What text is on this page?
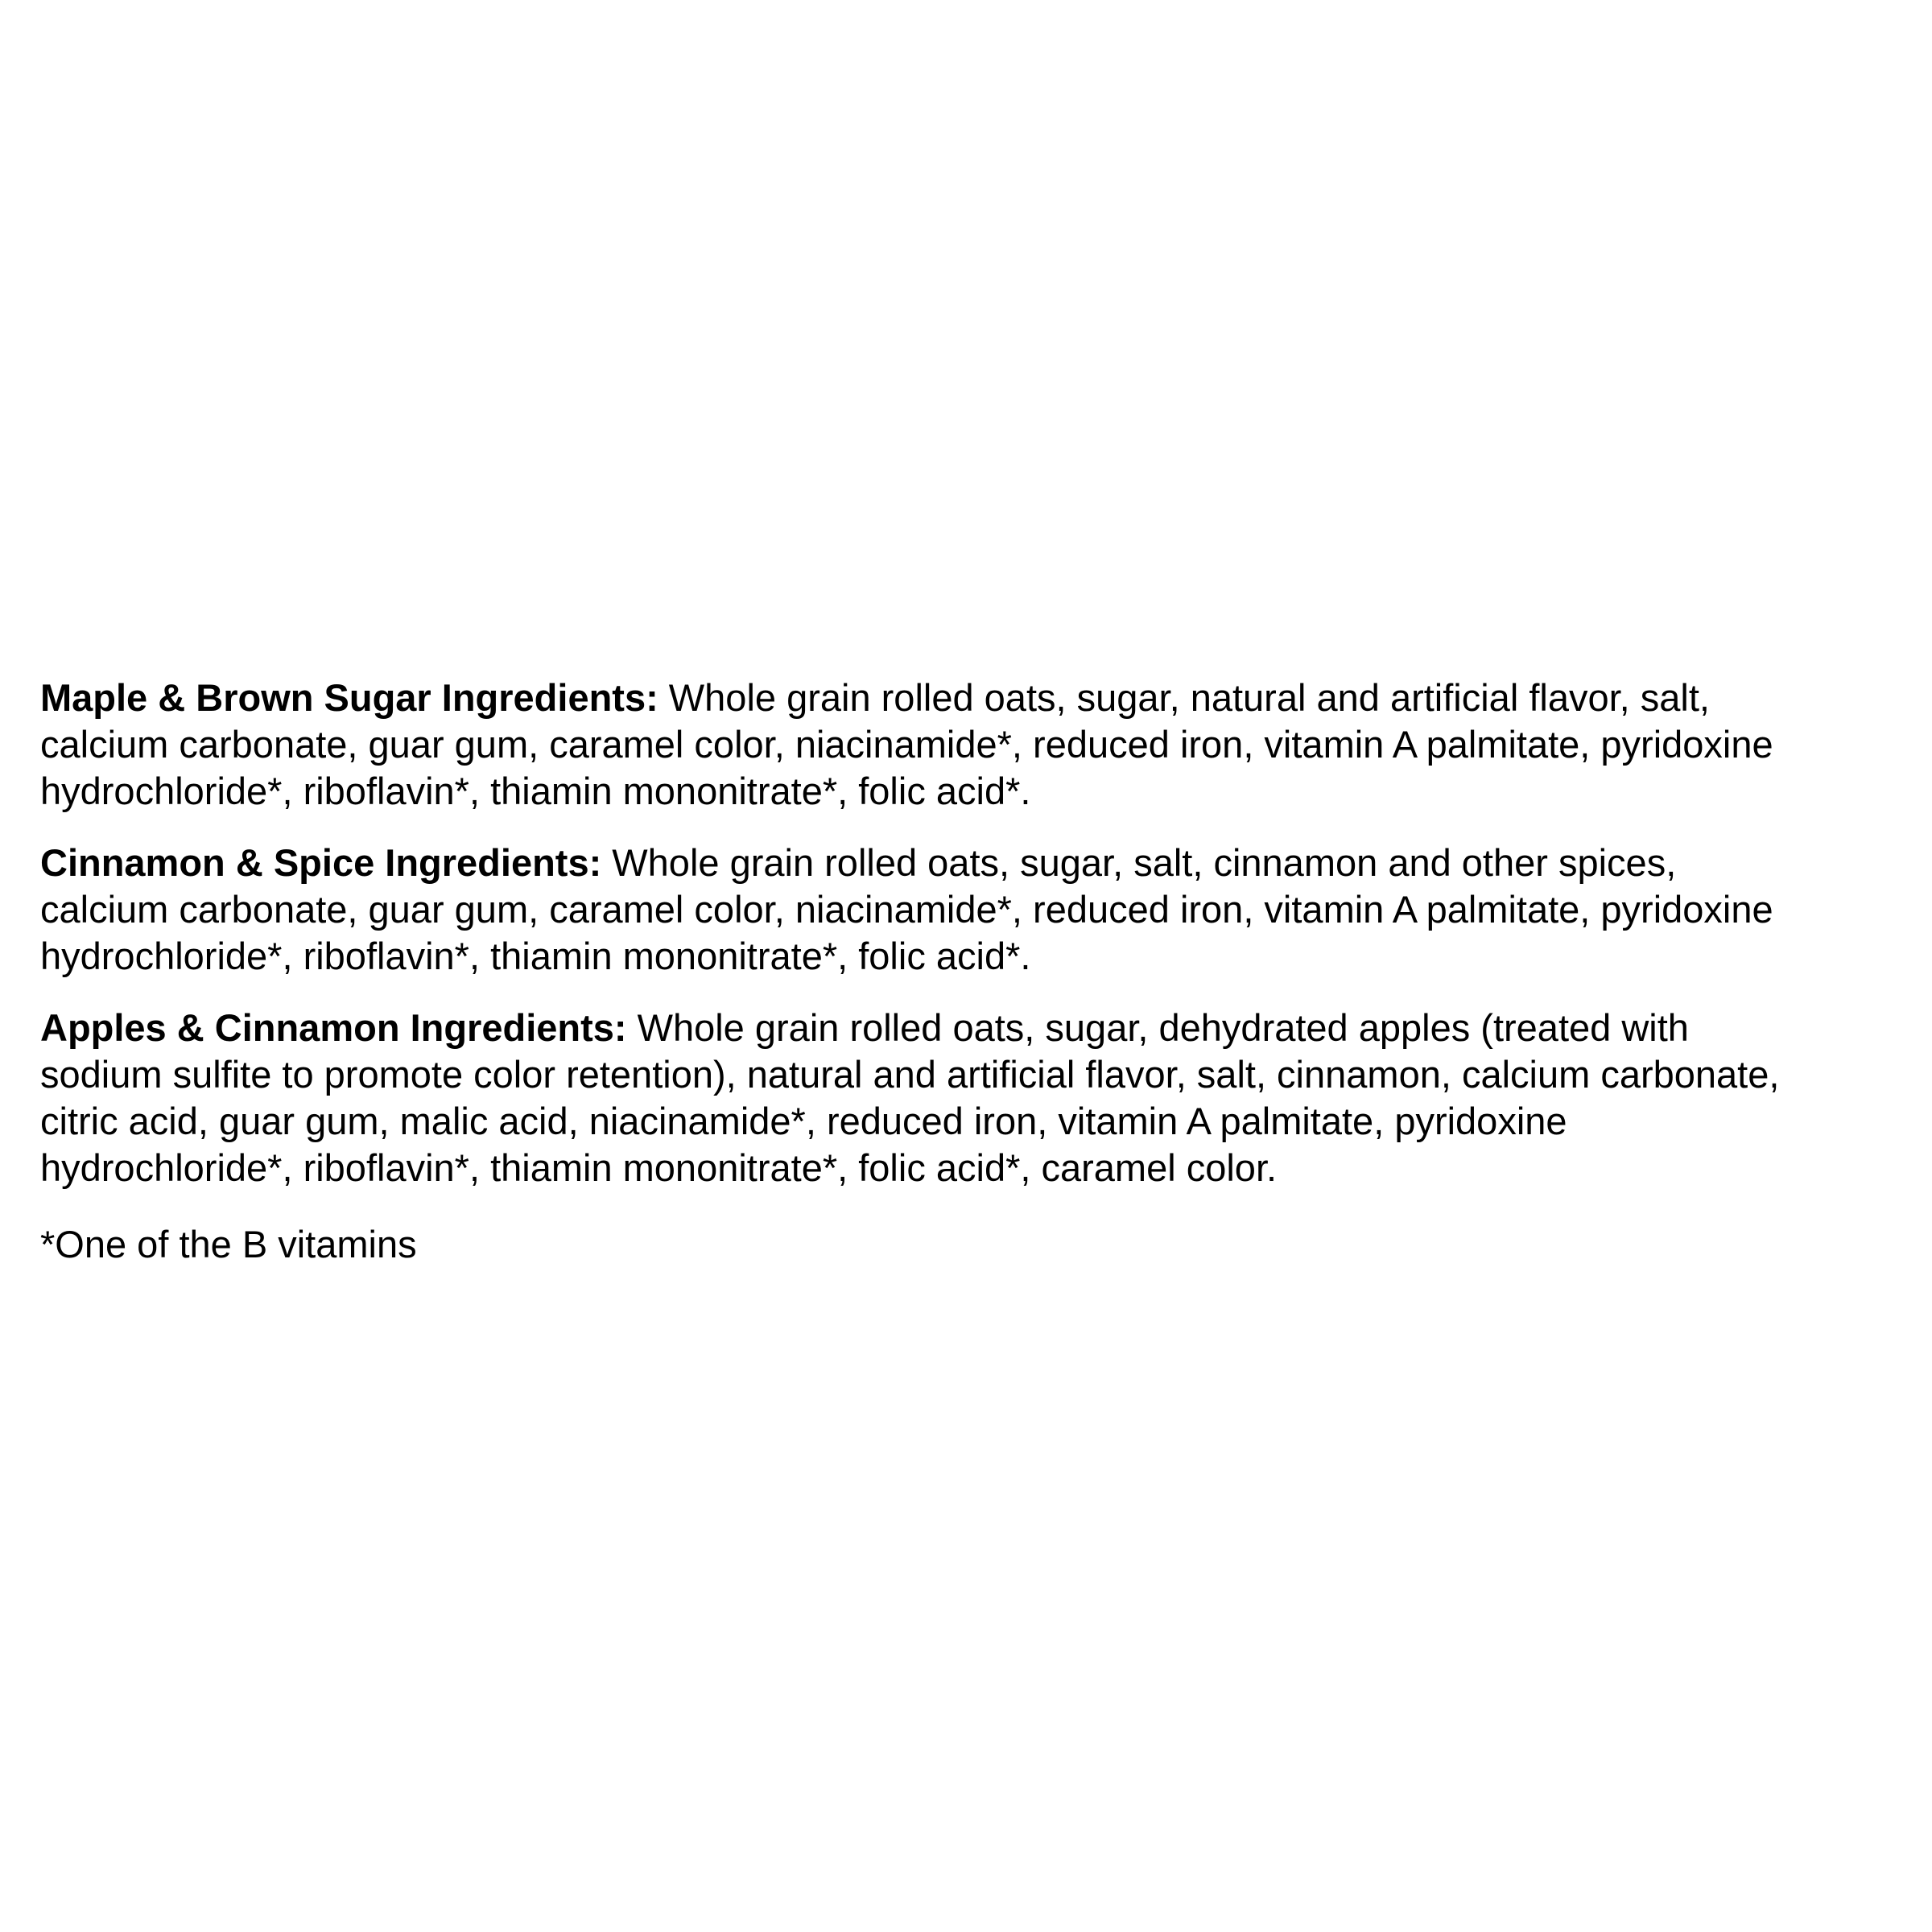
Maple & Brown Sugar Ingredients: Whole grain rolled oats, sugar, natural and artificial flavor, salt,
calcium carbonate, guar gum, caramel color, niacinamide*, reduced iron, vitamin A palmitate, pyridoxine
hydrochloride*, riboflavin*, thiamin mononitrate*, folic acid*.

Cinnamon & Spice Ingredients: Whole grain rolled oats, sugar, salt, cinnamon and other spices,
calcium carbonate, guar gum, caramel color, niacinamide*, reduced iron, vitamin A palmitate, pyridoxine
hydrochloride*, riboflavin*, thiamin mononitrate*, folic acid*.

Apples & Cinnamon Ingredients: Whole grain rolled oats, sugar, dehydrated apples (treated with
sodium sulfite to promote color retention), natural and artificial flavor, salt, cinnamon, calcium carbonate,
citric acid, guar gum, malic acid, niacinamide*, reduced iron, vitamin A palmitate, pyridoxine
hydrochloride*, riboflavin*, thiamin mononitrate*, folic acid*, caramel color.

*One of the B vitamins
